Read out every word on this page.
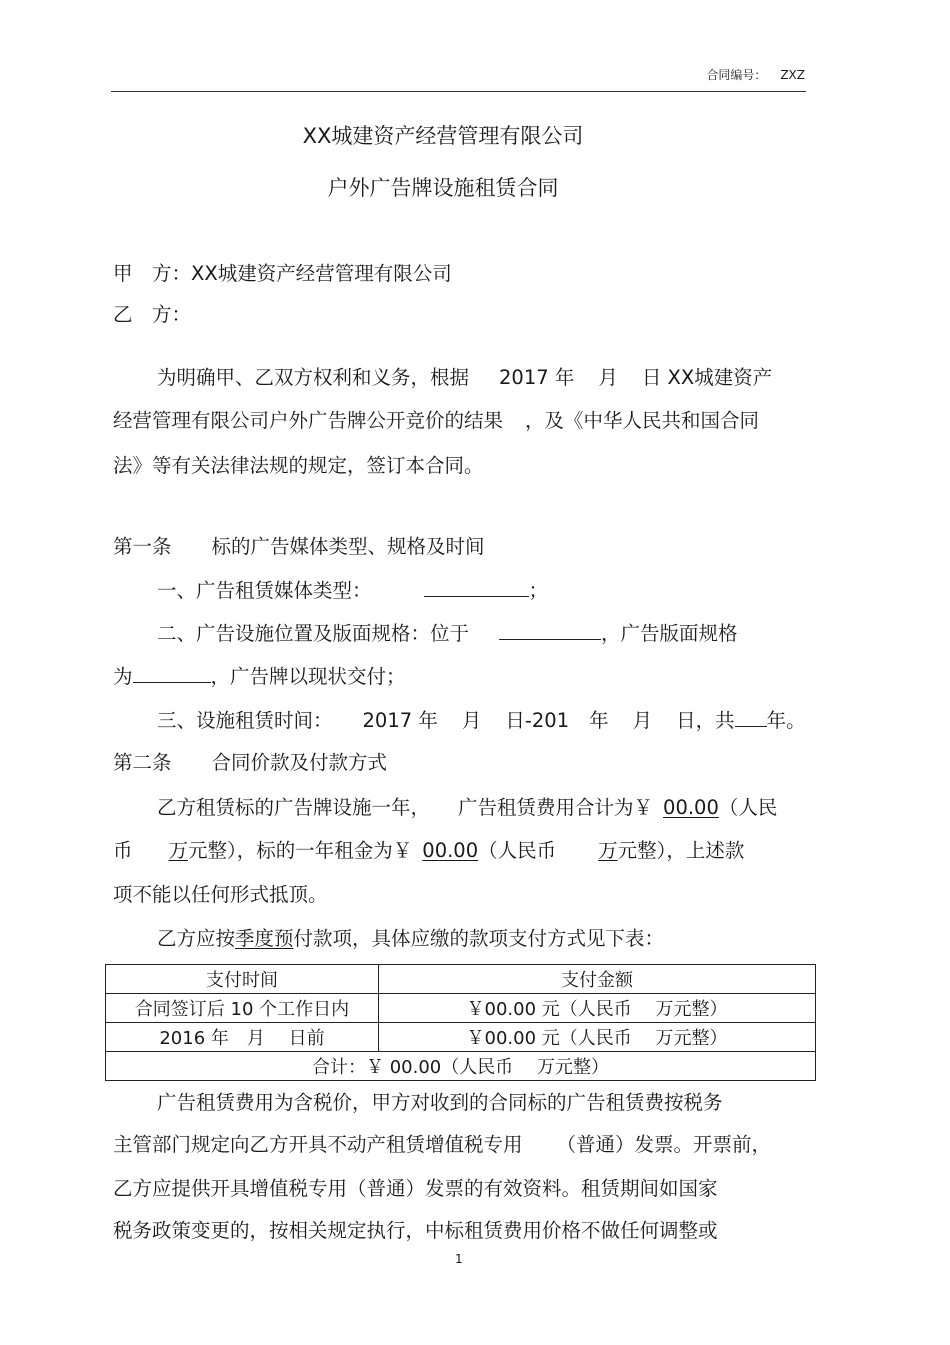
合同编号： ZXZ
XX城建资产经营管理有限公司
户外广告牌设施租赁合同
甲　方：XX城建资产经营管理有限公司
乙　方：
为明确甲、乙双方权利和义务，根据 2017 年 月 日 XX城建资产
经营管理有限公司户外广告牌公开竞价的结果 ，及《中华人民共和国合同
法》等有关法律法规的规定，签订本合同。
第一条 标的广告媒体类型、规格及时间
一、广告租赁媒体类型：	；
二、广告设施位置及版面规格：位于	，广告版面规格
为	，广告牌以现状交付；
三、设施租赁时间： 2017 年 月 日-201 年 月 日，共 年。
第二条 合同价款及付款方式
乙方租赁标的广告牌设施一年， 广告租赁费用合计为￥ 00.00（人民
币 万元整），标的一年租金为￥ 00.00（人民币 万元整），上述款
项不能以任何形式抵顶。
乙方应按季度预付款项，具体应缴的款项支付方式见下表：
支付时间	支付金额
合同签订后 10 个工作日内	￥00.00 元（人民币　 万元整）
2016 年　月　 日前	￥00.00 元（人民币　 万元整）
合计：￥ 00.00（人民币　 万元整）	
广告租赁费用为含税价，甲方对收到的合同标的广告租赁费按税务
主管部门规定向乙方开具不动产租赁增值税专用 （普通）发票。开票前，
乙方应提供开具增值税专用（普通）发票的有效资料。租赁期间如国家
税务政策变更的，按相关规定执行，中标租赁费用价格不做任何调整或
1
